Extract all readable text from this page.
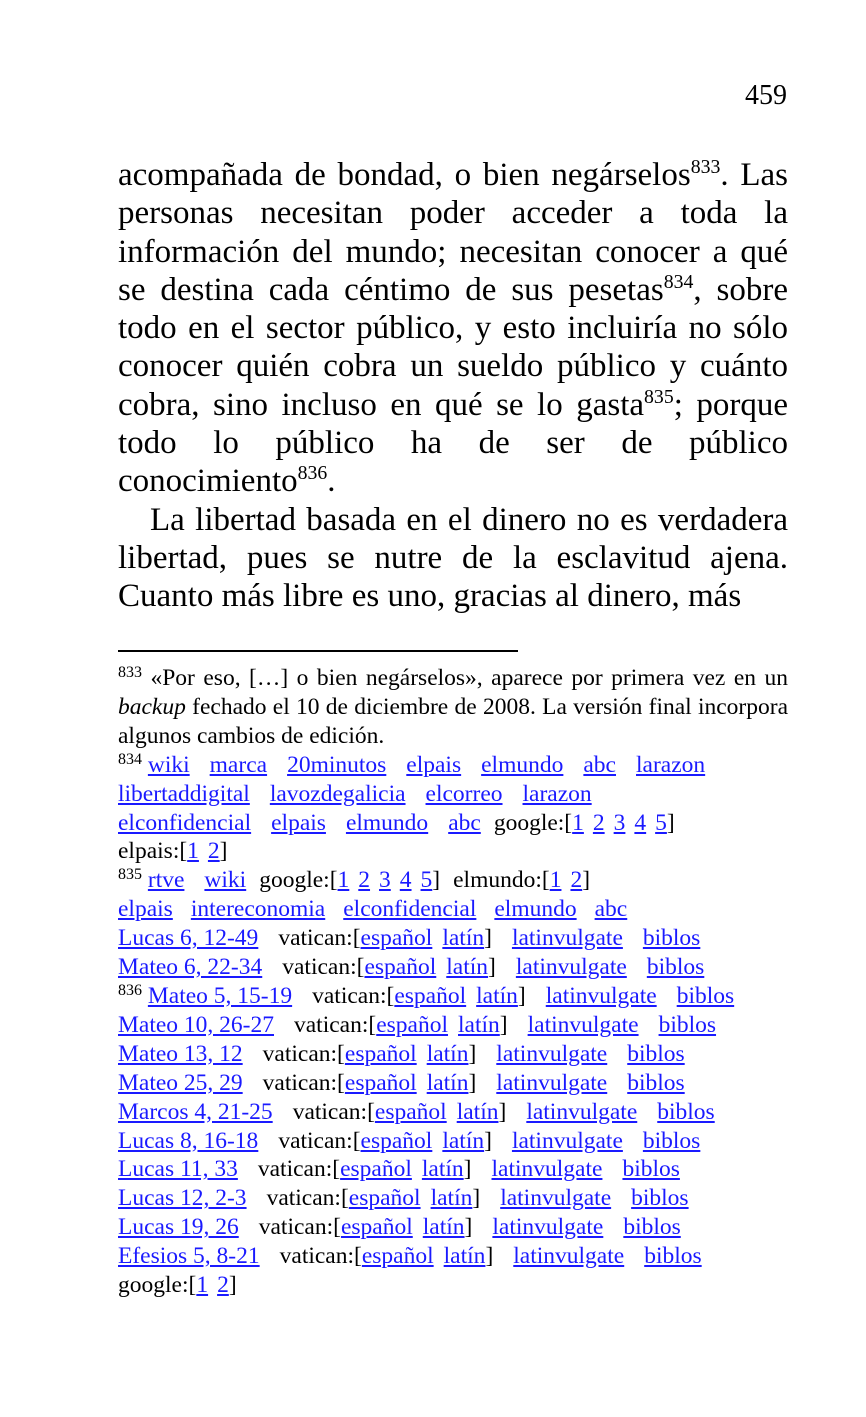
459

acompañada de bondad, o bien negárselos$^{833}$. Las personas necesitan poder acceder a toda la información del mundo; necesitan conocer a qué se destina cada céntimo de sus pesetas$^{834}$, sobre todo en el sector público, y esto incluiría no sólo conocer quién cobra un sueldo público y cuánto cobra, sino incluso en qué se lo gasta$^{835}$; porque todo lo público ha de ser de público conocimiento$^{836}$.

La libertad basada en el dinero no es verdadera libertad, pues se nutre de la esclavitud ajena. Cuanto más libre es uno, gracias al dinero, más

$^{833}$ «Por eso, […] o bien negárselos», aparece por primera vez en un backup fechado el 10 de diciembre de 2008. La versión final incorpora algunos cambios de edición.

$^{834}$ wiki marca 20minutos elpais elmundo abc larazon
libertaddigital lavozdegalicia elcorreo larazon
elconfidencial elpais elmundo abc google:[1 2 3 4 5]
elpais:[1 2]
$^{835}$ rtve wiki google:[1 2 3 4 5] elmundo:[1 2]
elpais intereconomia elconfidencial elmundo abc
Lucas 6, 12-49 vatican:[español latín] latinvulgate biblos
Mateo 6, 22-34 vatican:[español latín] latinvulgate biblos
$^{836}$ Mateo 5, 15-19 vatican:[español latín] latinvulgate biblos
Mateo 10, 26-27 vatican:[español latín] latinvulgate biblos
Mateo 13, 12 vatican:[español latín] latinvulgate biblos
Mateo 25, 29 vatican:[español latín] latinvulgate biblos
Marcos 4, 21-25 vatican:[español latín] latinvulgate biblos
Lucas 8, 16-18 vatican:[español latín] latinvulgate biblos
Lucas 11, 33 vatican:[español latín] latinvulgate biblos
Lucas 12, 2-3 vatican:[español latín] latinvulgate biblos
Lucas 19, 26 vatican:[español latín] latinvulgate biblos
Efesios 5, 8-21 vatican:[español latín] latinvulgate biblos
google:[1 2]
